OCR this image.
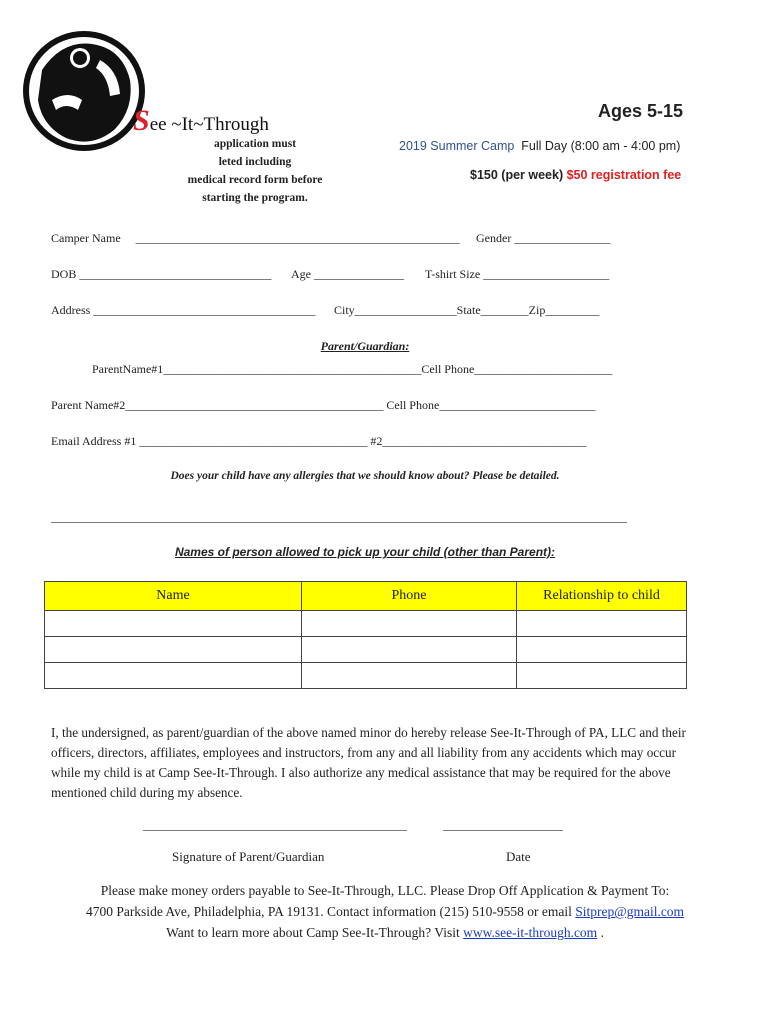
See ~It~Through
application must
leted including
medical record form before
starting the program.
Ages 5-15
2019 Summer Camp Full Day (8:00 am - 4:00 pm)
$150 (per week) $50 registration fee
Camper Name ______________________________________________________ Gender ________________
DOB ________________________________ Age _______________ T-shirt Size _____________________
Address _____________________________________ City_________________State________Zip_________
Parent/Guardian:
ParentName#1___________________________________________Cell Phone_______________________
Parent Name#2___________________________________________ Cell Phone__________________________
Email Address #1 ______________________________________ #2__________________________________
Does your child have any allergies that we should know about? Please be detailed.
________________________________________________________________________________________________
Names of person allowed to pick up your child (other than Parent):
Name	Phone	Relationship to child

I, the undersigned, as parent/guardian of the above named minor do hereby release See-It-Through of PA, LLC and their officers, directors, affiliates, employees and instructors, from any and all liability from any accidents which may occur while my child is at Camp See-It-Through. I also authorize any medical assistance that may be required for the above mentioned child during my absence.
____________________________________________	____________________
Signature of Parent/Guardian	Date
Please make money orders payable to See-It-Through, LLC. Please Drop Off Application & Payment To:
4700 Parkside Ave, Philadelphia, PA 19131. Contact information (215) 510-9558 or email Sitprep@gmail.com
Want to learn more about Camp See-It-Through? Visit www.see-it-through.com .
